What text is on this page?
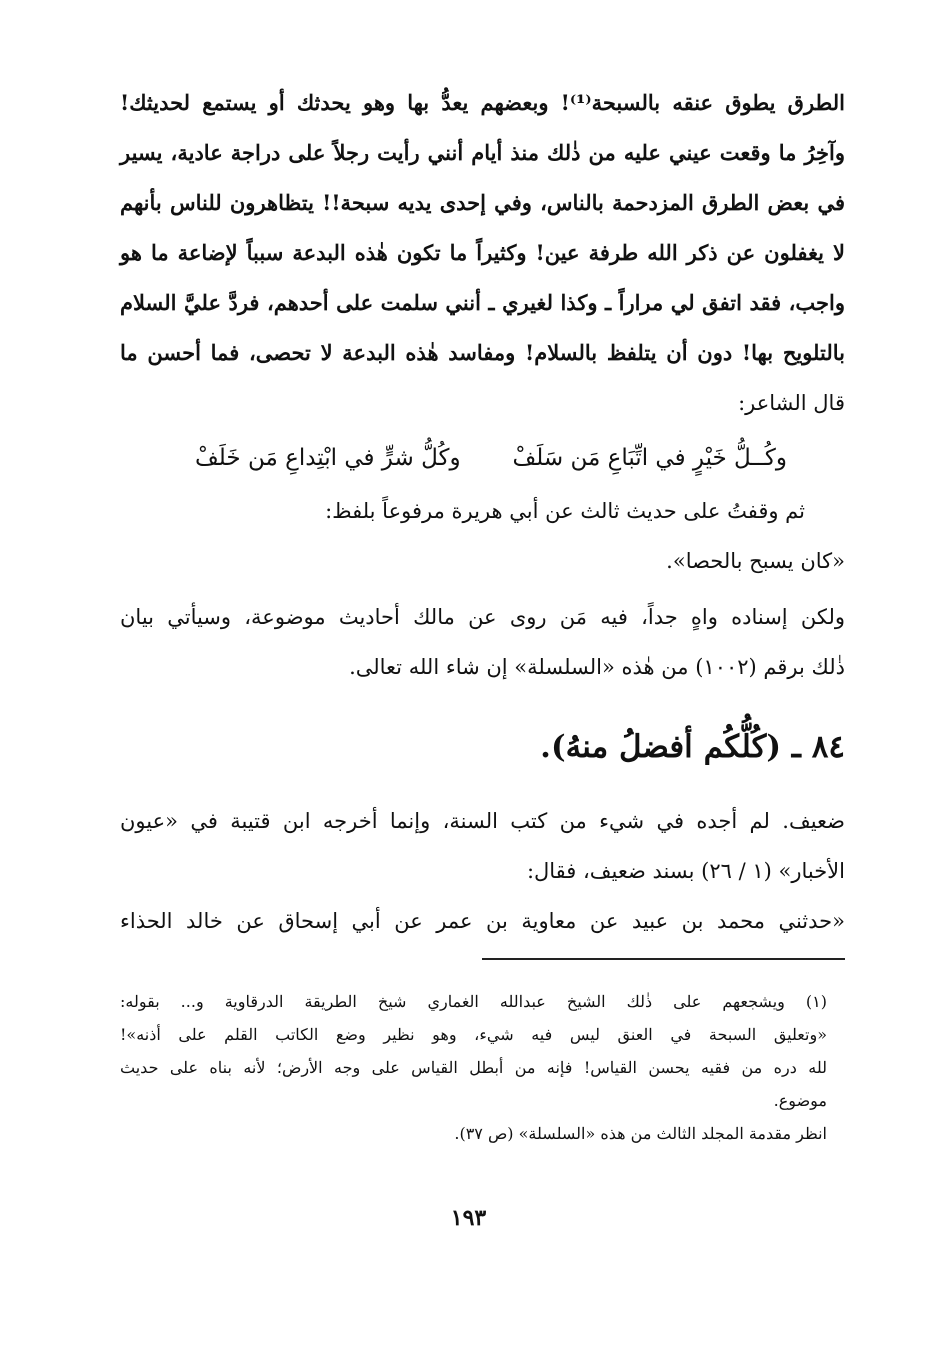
الطرق يطوق عنقه بالسبحة⁽¹⁾! وبعضهم يعدُّ بها وهو يحدثك أو يستمع لحديثك!
وآخِرُ ما وقعت عيني عليه من ذٰلك منذ أيام أنني رأيت رجلاً على دراجة عادية، يسير
في بعض الطرق المزدحمة بالناس، وفي إحدى يديه سبحة!! يتظاهرون للناس بأنهم
لا يغفلون عن ذكر الله طرفة عين! وكثيراً ما تكون هٰذه البدعة سبباً لإضاعة ما هو
واجب، فقد اتفق لي مراراً ـ وكذا لغيري ـ أنني سلمت على أحدهم، فردَّ عليَّ السلام
بالتلويح بها! دون أن يتلفظ بالسلام! ومفاسد هٰذه البدعة لا تحصى، فما أحسن ما
قال الشاعر:
وكُــلُّ خَيْرٍ في اتِّبَاعِ مَن سَلَفْ
وكُلُّ شرٍّ في ابْتِداعِ مَن خَلَفْ
ثم وقفتُ على حديث ثالث عن أبي هريرة مرفوعاً بلفظ:
«كان يسبح بالحصا».
ولكن إسناده واهٍ جداً، فيه مَن روى عن مالك أحاديث موضوعة، وسيأتي بيان
ذٰلك برقم (١٠٠٢) من هٰذه «السلسلة» إن شاء الله تعالى.
٨٤ ـ (كُلُّكُم أفضلُ منهُ).
ضعيف. لم أجده في شيء من كتب السنة، وإنما أخرجه ابن قتيبة في «عيون
الأخبار» (١ / ٢٦) بسند ضعيف، فقال:
«حدثني محمد بن عبيد عن معاوية بن عمر عن أبي إسحاق عن خالد الحذاء
(١) ويشجعهم على ذٰلك الشيخ عبدالله الغماري شيخ الطريقة الدرقاوية و... بقوله:
«وتعليق السبحة في العنق ليس فيه شيء، وهو نظير وضع الكاتب القلم على أذنه»!
لله دره من فقيه يحسن القياس! فإنه من أبطل القياس على وجه الأرض؛ لأنه بناه على حديث
موضوع.
انظر مقدمة المجلد الثالث من هذه «السلسلة» (ص ٣٧).
١٩٣
